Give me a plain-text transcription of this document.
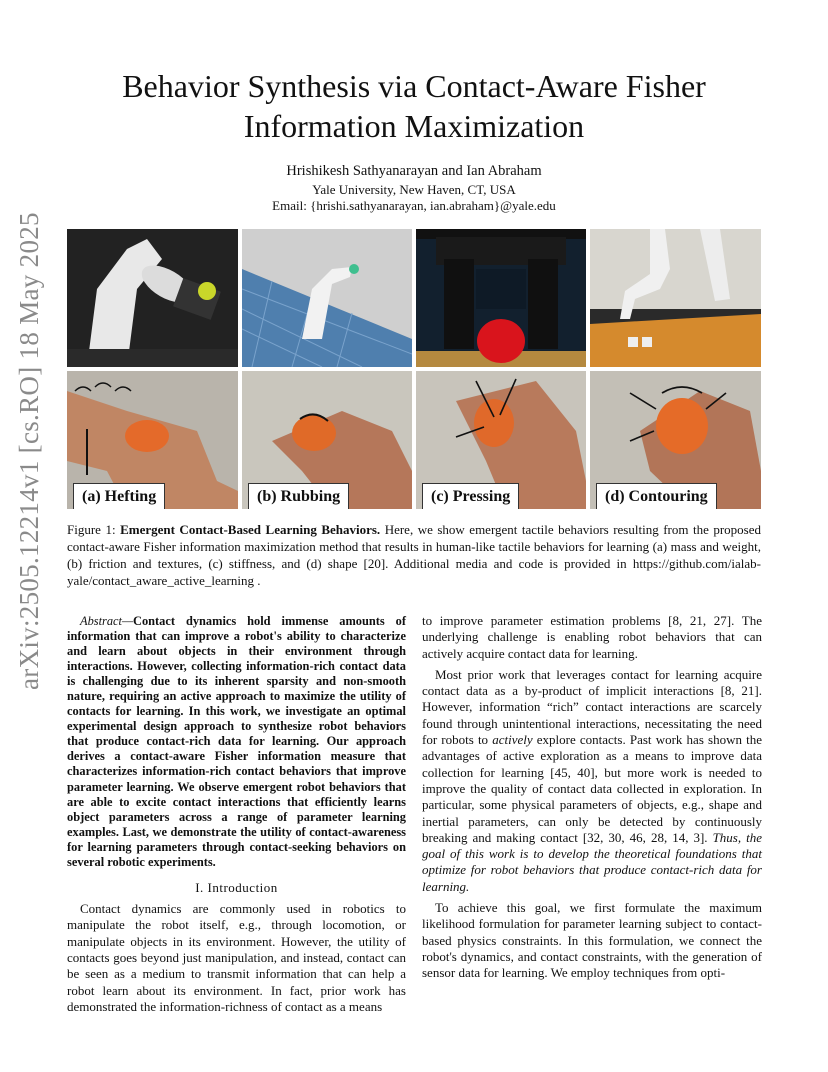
arXiv:2505.12214v1 [cs.RO] 18 May 2025
Behavior Synthesis via Contact-Aware Fisher Information Maximization
Hrishikesh Sathyanarayan and Ian Abraham
Yale University, New Haven, CT, USA
Email: {hrishi.sathyanarayan, ian.abraham}@yale.edu
(a) Hefting	(b) Rubbing	(c) Pressing	(d) Contouring
Figure 1: Emergent Contact-Based Learning Behaviors. Here, we show emergent tactile behaviors resulting from the proposed contact-aware Fisher information maximization method that results in human-like tactile behaviors for learning (a) mass and weight, (b) friction and textures, (c) stiffness, and (d) shape [20]. Additional media and code is provided in https://github.com/ialab-yale/contact_aware_active_learning .

Abstract—Contact dynamics hold immense amounts of information that can improve a robot's ability to characterize and learn about objects in their environment through interactions. However, collecting information-rich contact data is challenging due to its inherent sparsity and non-smooth nature, requiring an active approach to maximize the utility of contacts for learning. In this work, we investigate an optimal experimental design approach to synthesize robot behaviors that produce contact-rich data for learning. Our approach derives a contact-aware Fisher information measure that characterizes information-rich contact behaviors that improve parameter learning. We observe emergent robot behaviors that are able to excite contact interactions that efficiently learns object parameters across a range of parameter learning examples. Last, we demonstrate the utility of contact-awareness for learning parameters through contact-seeking behaviors on several robotic experiments.

I. Introduction

Contact dynamics are commonly used in robotics to manipulate the robot itself, e.g., through locomotion, or manipulate objects in its environment. However, the utility of contacts goes beyond just manipulation, and instead, contact can be seen as a medium to transmit information that can help a robot learn about its environment. In fact, prior work has demonstrated the information-richness of contact as a means

to improve parameter estimation problems [8, 21, 27]. The underlying challenge is enabling robot behaviors that can actively acquire contact data for learning.

Most prior work that leverages contact for learning acquire contact data as a by-product of implicit interactions [8, 21]. However, information “rich” contact interactions are scarcely found through unintentional interactions, necessitating the need for robots to actively explore contacts. Past work has shown the advantages of active exploration as a means to improve data collection for learning [45, 40], but more work is needed to improve the quality of contact data collected in exploration. In particular, some physical parameters of objects, e.g., shape and inertial parameters, can only be detected by continuously breaking and making contact [32, 30, 46, 28, 14, 3]. Thus, the goal of this work is to develop the theoretical foundations that optimize for robot behaviors that produce contact-rich data for learning.

To achieve this goal, we first formulate the maximum likelihood formulation for parameter learning subject to contact-based physics constraints. In this formulation, we connect the robot's dynamics, and contact constraints, with the generation of sensor data for learning. We employ techniques from opti-
